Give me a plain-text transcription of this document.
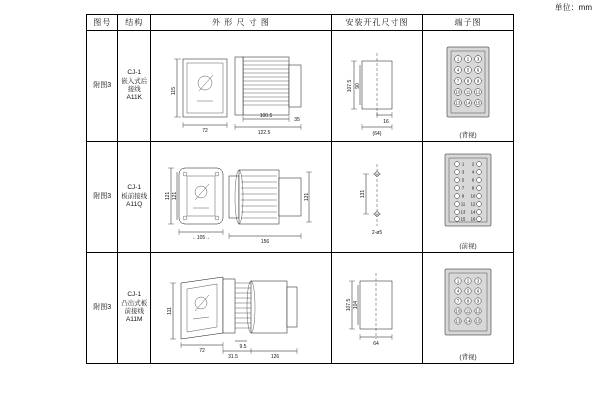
单位：mm
图号	结构	外 形 尺 寸 图	安装开孔尺寸图	端子图

附图3

CJ-1
嵌入式后接线
A11K

115
72
100.5
122.5
35

107.5 90
16
(64)

1 2 3
4 5 6
7 8 9
10 11 12
13 14 15
(背视)

附图3

CJ-1
板前接线
A11Q

121 121
←105→
131
156

131
2-ø5

1 2
3 4
5 6
7 8
9 10
11 12
13 14
15 16
(前视)

附图3

CJ-1
凸出式板前接线
A11M

111
72
9.5
31.5	126

107.5 104
64

1 2 3
4 5 6
7 8 9
10 11 12
13 14 15
(背视)
